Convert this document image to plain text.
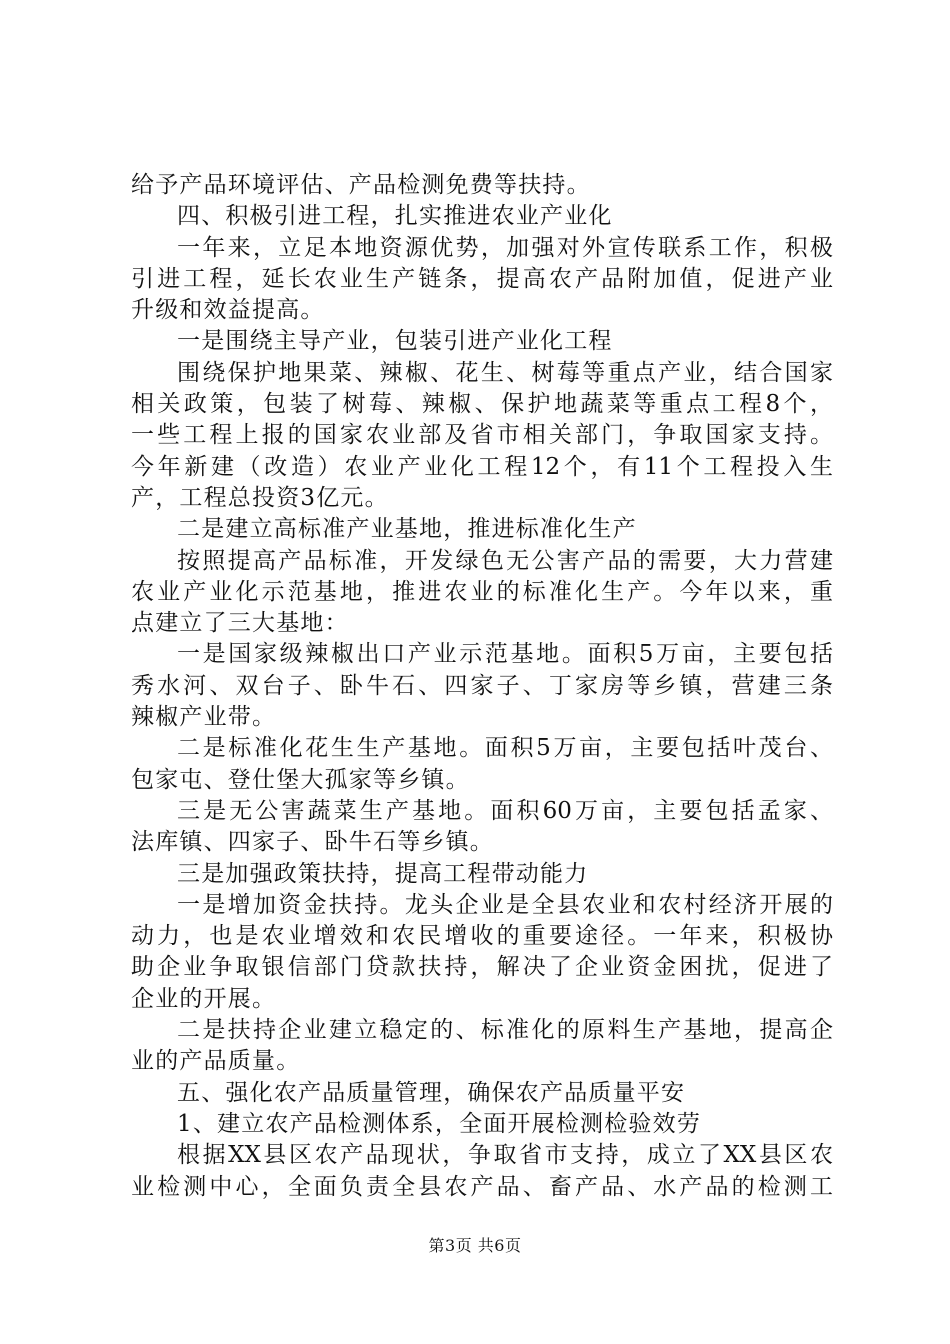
给予产品环境评估、产品检测免费等扶持。
四、积极引进工程，扎实推进农业产业化
一年来，立足本地资源优势，加强对外宣传联系工作，积极
引进工程，延长农业生产链条，提高农产品附加值，促进产业
升级和效益提高。
一是围绕主导产业，包装引进产业化工程
围绕保护地果菜、辣椒、花生、树莓等重点产业，结合国家
相关政策，包装了树莓、辣椒、保护地蔬菜等重点工程8个，
一些工程上报的国家农业部及省市相关部门，争取国家支持。
今年新建（改造）农业产业化工程12个，有11个工程投入生
产，工程总投资3亿元。
二是建立高标准产业基地，推进标准化生产
按照提高产品标准，开发绿色无公害产品的需要，大力营建
农业产业化示范基地，推进农业的标准化生产。今年以来，重
点建立了三大基地：
一是国家级辣椒出口产业示范基地。面积5万亩，主要包括
秀水河、双台子、卧牛石、四家子、丁家房等乡镇，营建三条
辣椒产业带。
二是标准化花生生产基地。面积5万亩，主要包括叶茂台、
包家屯、登仕堡大孤家等乡镇。
三是无公害蔬菜生产基地。面积60万亩，主要包括孟家、
法库镇、四家子、卧牛石等乡镇。
三是加强政策扶持，提高工程带动能力
一是增加资金扶持。龙头企业是全县农业和农村经济开展的
动力，也是农业增效和农民增收的重要途径。一年来，积极协
助企业争取银信部门贷款扶持，解决了企业资金困扰，促进了
企业的开展。
二是扶持企业建立稳定的、标准化的原料生产基地，提高企
业的产品质量。
五、强化农产品质量管理，确保农产品质量平安
1、建立农产品检测体系，全面开展检测检验效劳
根据XX县区农产品现状，争取省市支持，成立了XX县区农
业检测中心，全面负责全县农产品、畜产品、水产品的检测工
第3页 共6页
